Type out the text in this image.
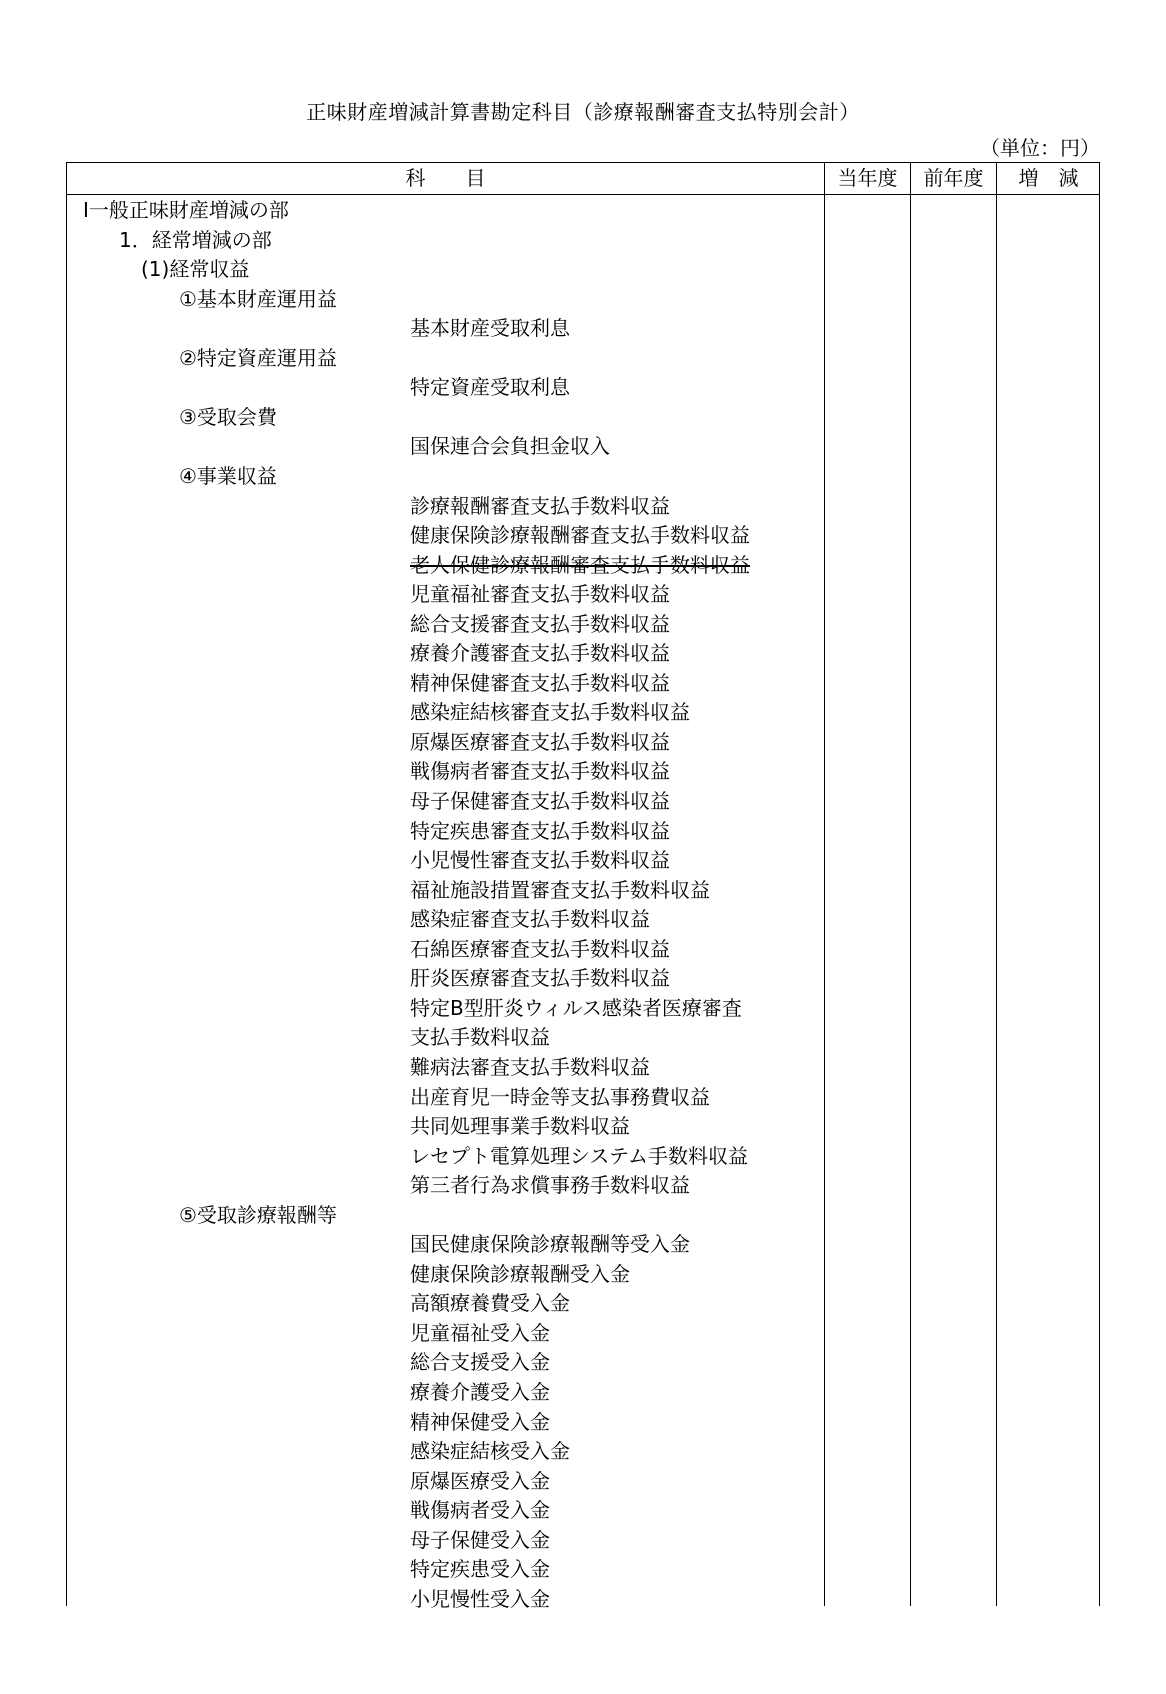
正味財産増減計算書勘定科目（診療報酬審査支払特別会計）
（単位：円）
科　　目	当年度	前年度	増　減
Ⅰ一般正味財産増減の部
1．経常増減の部
(1)経常収益
①基本財産運用益
基本財産受取利息
②特定資産運用益
特定資産受取利息
③受取会費
国保連合会負担金収入
④事業収益
診療報酬審査支払手数料収益
健康保険診療報酬審査支払手数料収益
老人保健診療報酬審査支払手数料収益
児童福祉審査支払手数料収益
総合支援審査支払手数料収益
療養介護審査支払手数料収益
精神保健審査支払手数料収益
感染症結核審査支払手数料収益
原爆医療審査支払手数料収益
戦傷病者審査支払手数料収益
母子保健審査支払手数料収益
特定疾患審査支払手数料収益
小児慢性審査支払手数料収益
福祉施設措置審査支払手数料収益
感染症審査支払手数料収益
石綿医療審査支払手数料収益
肝炎医療審査支払手数料収益
特定B型肝炎ウィルス感染者医療審査
支払手数料収益
難病法審査支払手数料収益
出産育児一時金等支払事務費収益
共同処理事業手数料収益
レセプト電算処理システム手数料収益
第三者行為求償事務手数料収益
⑤受取診療報酬等
国民健康保険診療報酬等受入金
健康保険診療報酬受入金
高額療養費受入金
児童福祉受入金
総合支援受入金
療養介護受入金
精神保健受入金
感染症結核受入金
原爆医療受入金
戦傷病者受入金
母子保健受入金
特定疾患受入金
小児慢性受入金
